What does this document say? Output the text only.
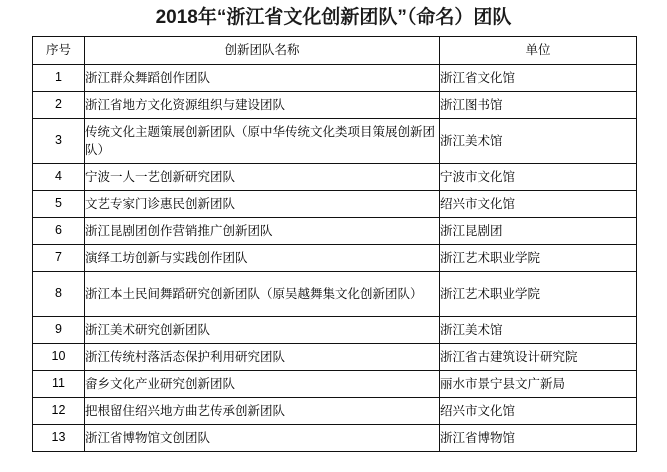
2018年“浙江省文化创新团队”（命名）团队
序号	创新团队名称	单位
1	浙江群众舞蹈创作团队	浙江省文化馆
2	浙江省地方文化资源组织与建设团队	浙江图书馆
3	传统文化主题策展创新团队（原中华传统文化类项目策展创新团队）	浙江美术馆
4	宁波一人一艺创新研究团队	宁波市文化馆
5	文艺专家门诊惠民创新团队	绍兴市文化馆
6	浙江昆剧团创作营销推广创新团队	浙江昆剧团
7	演绎工坊创新与实践创作团队	浙江艺术职业学院
8	浙江本土民间舞蹈研究创新团队（原吴越舞集文化创新团队）	浙江艺术职业学院
9	浙江美术研究创新团队	浙江美术馆
10	浙江传统村落活态保护利用研究团队	浙江省古建筑设计研究院
11	畲乡文化产业研究创新团队	丽水市景宁县文广新局
12	把根留住绍兴地方曲艺传承创新团队	绍兴市文化馆
13	浙江省博物馆文创团队	浙江省博物馆
